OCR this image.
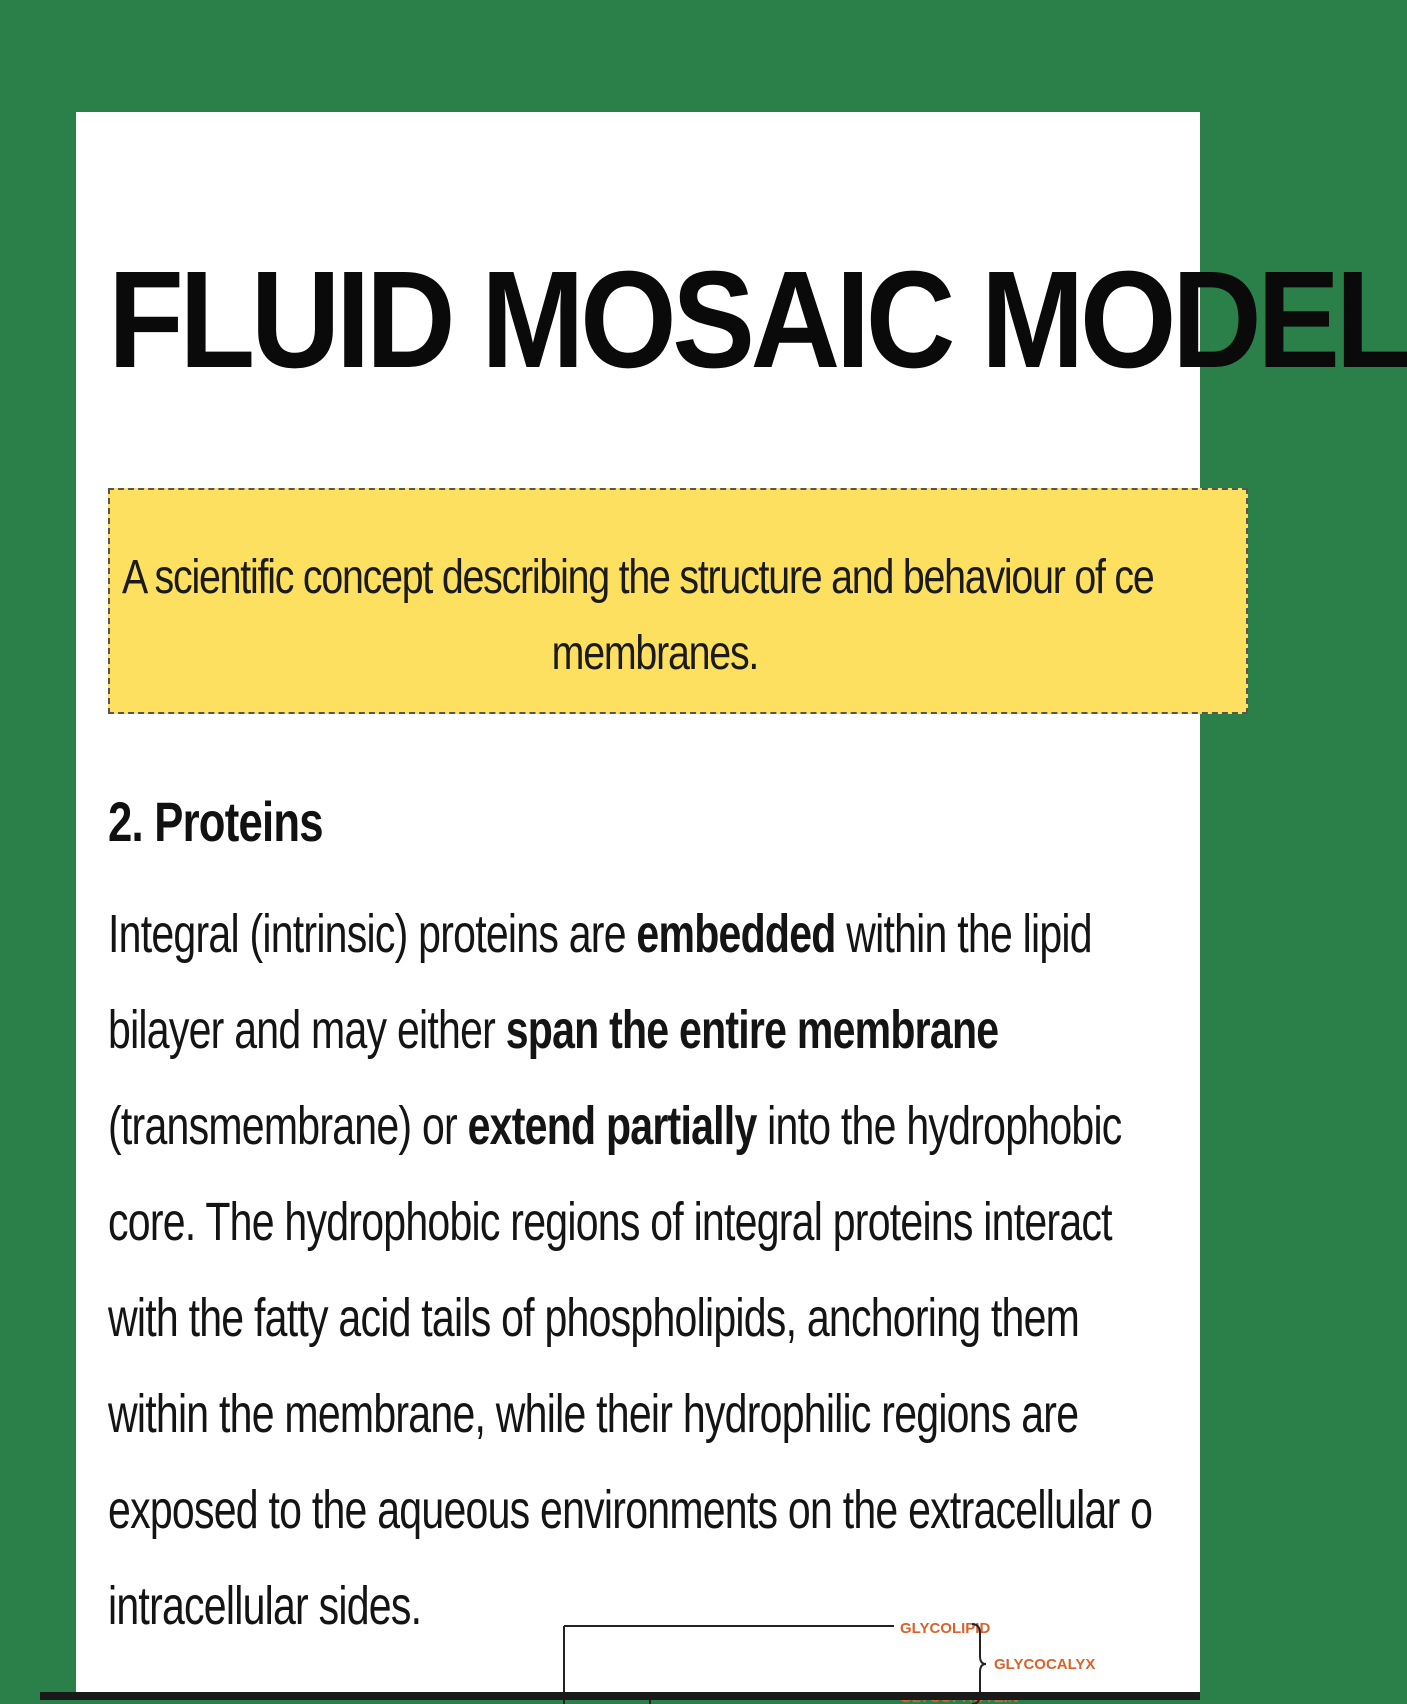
FLUID MOSAIC MODEL
A scientific concept describing the structure and behaviour of ce
membranes.
2. Proteins
Integral (intrinsic) proteins are embedded within the lipid
bilayer and may either span the entire membrane
(transmembrane) or extend partially into the hydrophobic
core. The hydrophobic regions of integral proteins interact
with the fatty acid tails of phospholipids, anchoring them
within the membrane, while their hydrophilic regions are
exposed to the aqueous environments on the extracellular o
intracellular sides.	GLYCOLIPID
GLYCOCALYX
